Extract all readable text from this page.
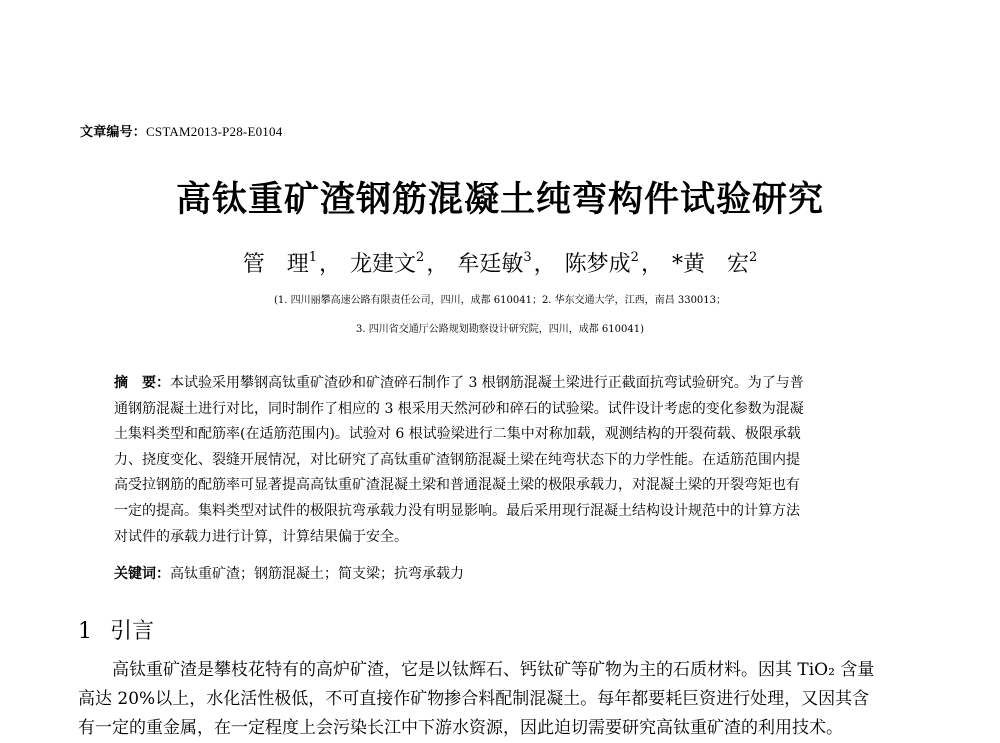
文章编号：CSTAM2013-P28-E0104
高钛重矿渣钢筋混凝土纯弯构件试验研究
管　理$^1$， 龙建文$^2$， 牟廷敏$^3$， 陈梦成$^2$， *黄　宏$^2$
(1. 四川丽攀高速公路有限责任公司，四川，成都 610041；2. 华东交通大学，江西，南昌 330013；
3. 四川省交通厅公路规划勘察设计研究院，四川，成都 610041)
摘　要：本试验采用攀钢高钛重矿渣砂和矿渣碎石制作了 3 根钢筋混凝土梁进行正截面抗弯试验研究。为了与普
通钢筋混凝土进行对比，同时制作了相应的 3 根采用天然河砂和碎石的试验梁。试件设计考虑的变化参数为混凝
土集料类型和配筋率(在适筋范围内)。试验对 6 根试验梁进行二集中对称加载，观测结构的开裂荷载、极限承载
力、挠度变化、裂缝开展情况，对比研究了高钛重矿渣钢筋混凝土梁在纯弯状态下的力学性能。在适筋范围内提
高受拉钢筋的配筋率可显著提高高钛重矿渣混凝土梁和普通混凝土梁的极限承载力，对混凝土梁的开裂弯矩也有
一定的提高。集料类型对试件的极限抗弯承载力没有明显影响。最后采用现行混凝土结构设计规范中的计算方法
对试件的承载力进行计算，计算结果偏于安全。
关键词：高钛重矿渣；钢筋混凝土；简支梁；抗弯承载力
1 引言
高钛重矿渣是攀枝花特有的高炉矿渣，它是以钛辉石、钙钛矿等矿物为主的石质材料。因其 TiO₂ 含量
高达 20%以上，水化活性极低，不可直接作矿物掺合料配制混凝土。每年都要耗巨资进行处理，又因其含
有一定的重金属，在一定程度上会污染长江中下游水资源，因此迫切需要研究高钛重矿渣的利用技术。
